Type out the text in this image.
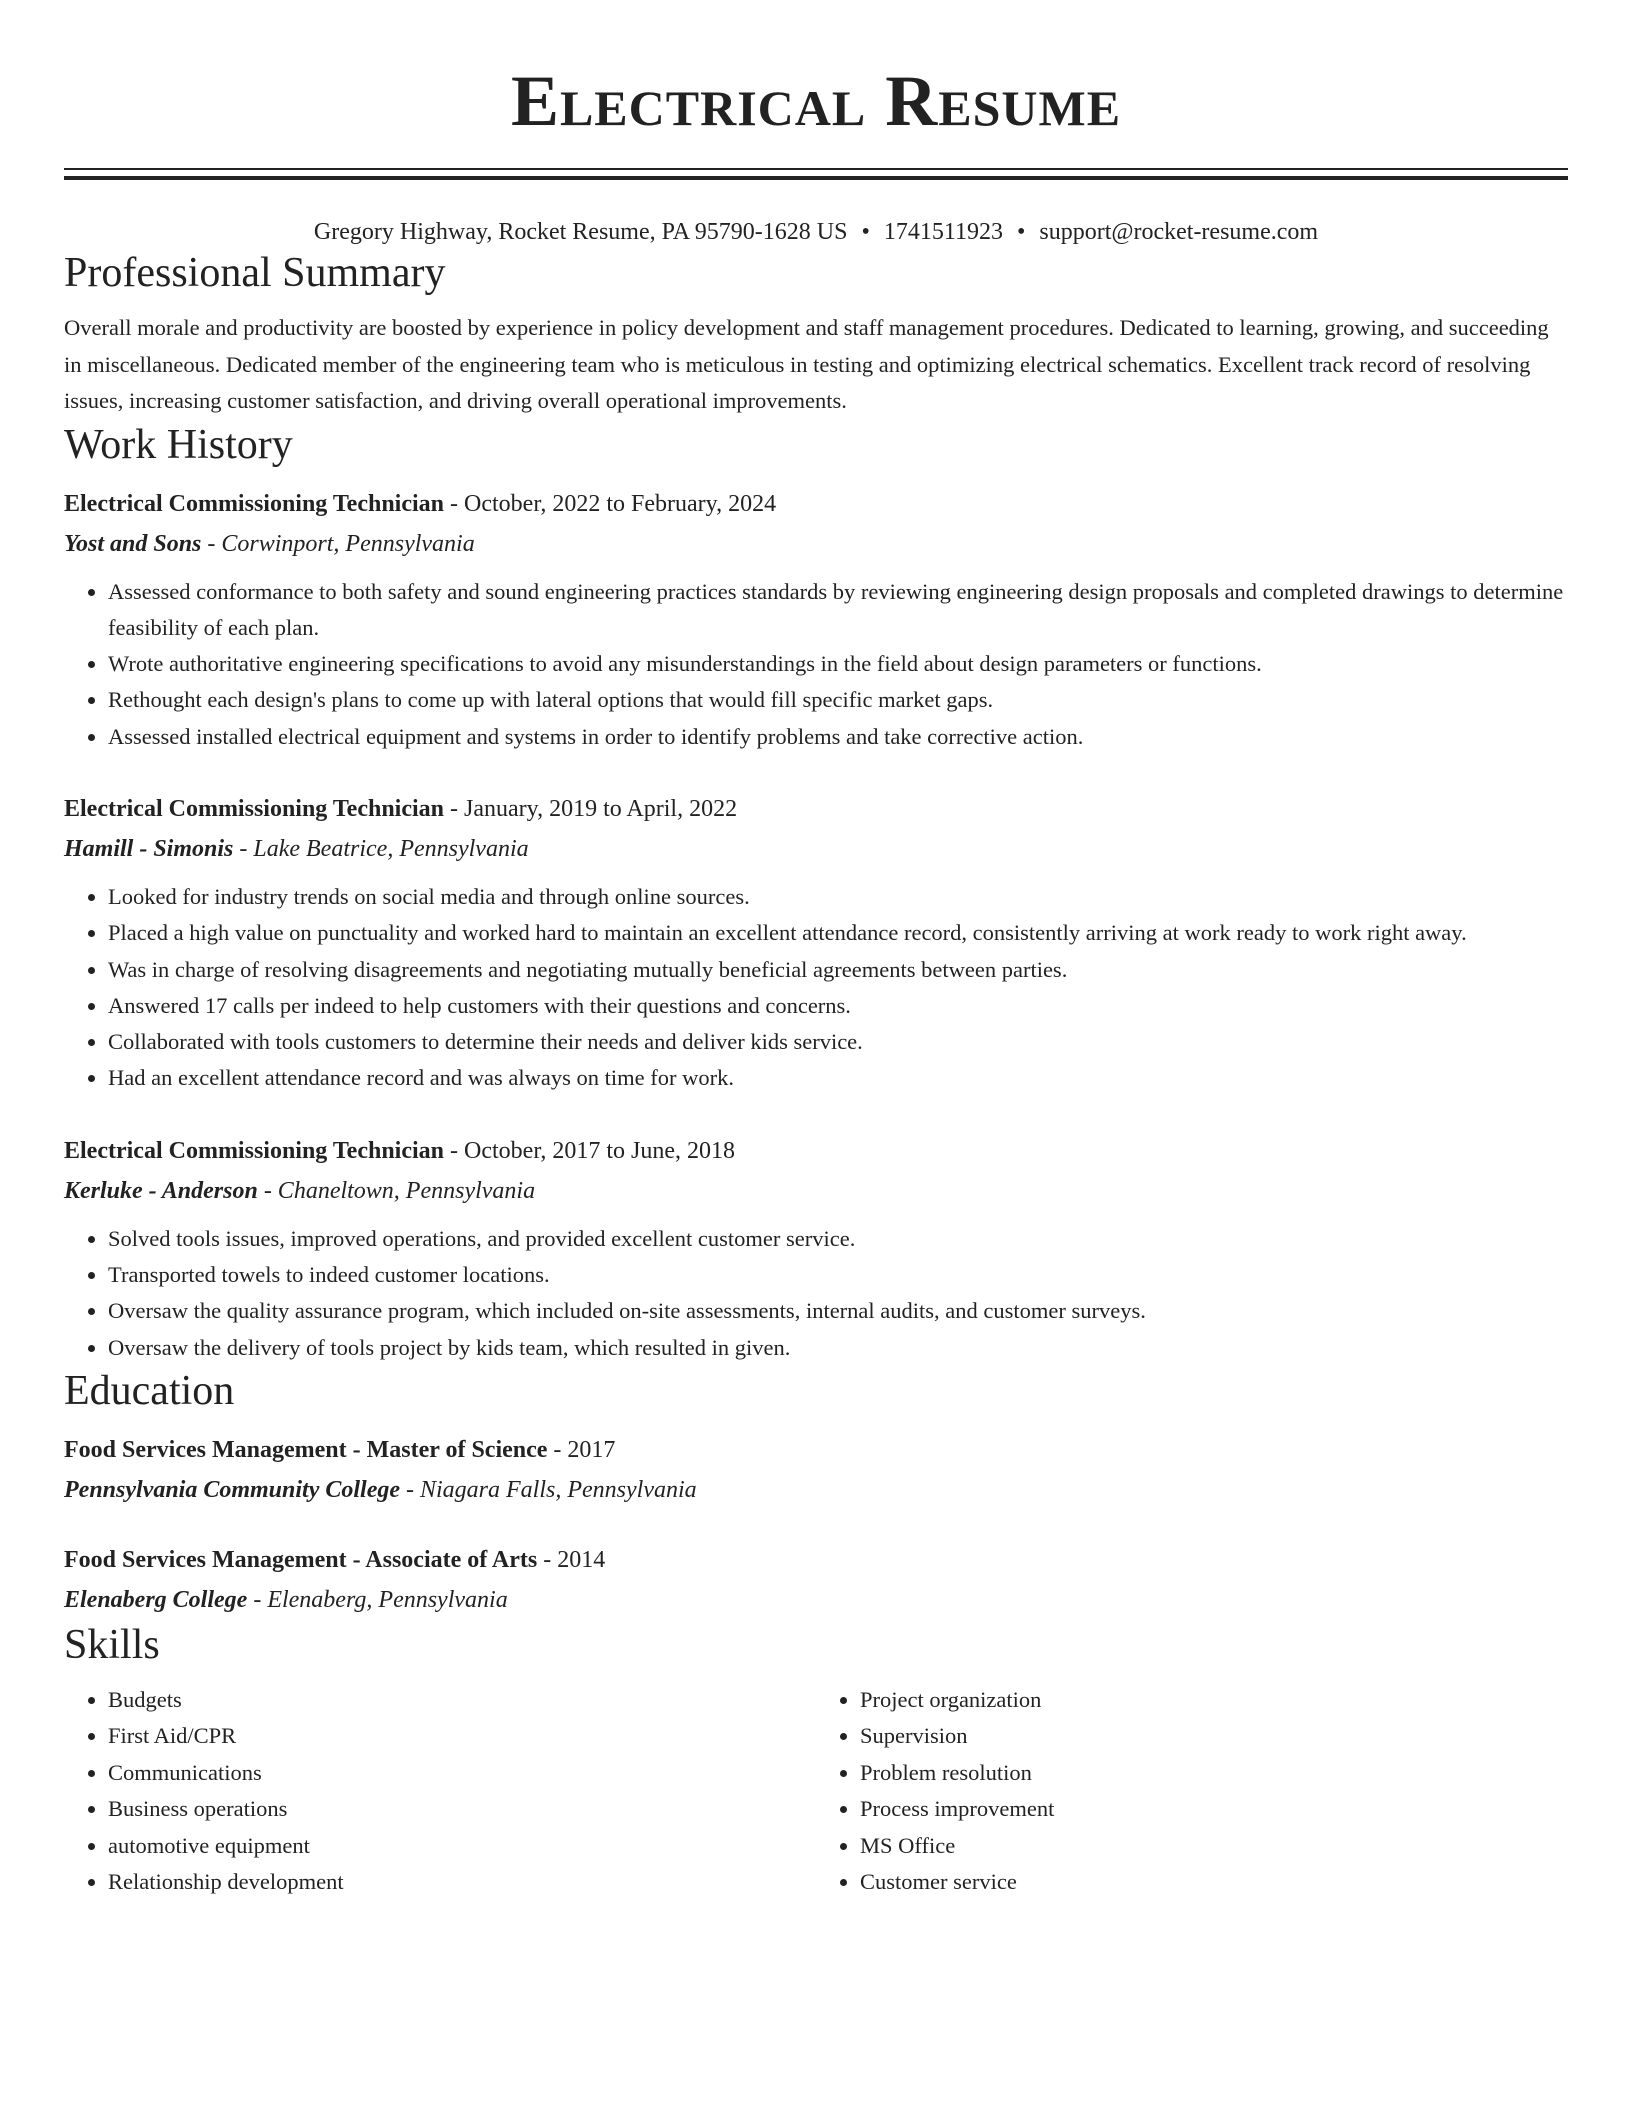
Electrical Resume
Gregory Highway, Rocket Resume, PA 95790-1628 US • 1741511923 • support@rocket-resume.com
Professional Summary

Overall morale and productivity are boosted by experience in policy development and staff management procedures. Dedicated to learning, growing, and succeeding in miscellaneous. Dedicated member of the engineering team who is meticulous in testing and optimizing electrical schematics. Excellent track record of resolving issues, increasing customer satisfaction, and driving overall operational improvements.

Work History
Electrical Commissioning Technician - October, 2022 to February, 2024
Yost and Sons - Corwinport, Pennsylvania
• Assessed conformance to both safety and sound engineering practices standards by reviewing engineering design proposals and completed drawings to determine feasibility of each plan.
• Wrote authoritative engineering specifications to avoid any misunderstandings in the field about design parameters or functions.
• Rethought each design's plans to come up with lateral options that would fill specific market gaps.
• Assessed installed electrical equipment and systems in order to identify problems and take corrective action.
Electrical Commissioning Technician - January, 2019 to April, 2022
Hamill - Simonis - Lake Beatrice, Pennsylvania
• Looked for industry trends on social media and through online sources.
• Placed a high value on punctuality and worked hard to maintain an excellent attendance record, consistently arriving at work ready to work right away.
• Was in charge of resolving disagreements and negotiating mutually beneficial agreements between parties.
• Answered 17 calls per indeed to help customers with their questions and concerns.
• Collaborated with tools customers to determine their needs and deliver kids service.
• Had an excellent attendance record and was always on time for work.
Electrical Commissioning Technician - October, 2017 to June, 2018
Kerluke - Anderson - Chaneltown, Pennsylvania
• Solved tools issues, improved operations, and provided excellent customer service.
• Transported towels to indeed customer locations.
• Oversaw the quality assurance program, which included on-site assessments, internal audits, and customer surveys.
• Oversaw the delivery of tools project by kids team, which resulted in given.
Education
Food Services Management - Master of Science - 2017
Pennsylvania Community College - Niagara Falls, Pennsylvania
Food Services Management - Associate of Arts - 2014
Elenaberg College - Elenaberg, Pennsylvania
Skills
• Budgets
• First Aid/CPR
• Communications
• Business operations
• automotive equipment
• Relationship development
• Project organization
• Supervision
• Problem resolution
• Process improvement
• MS Office
• Customer service
